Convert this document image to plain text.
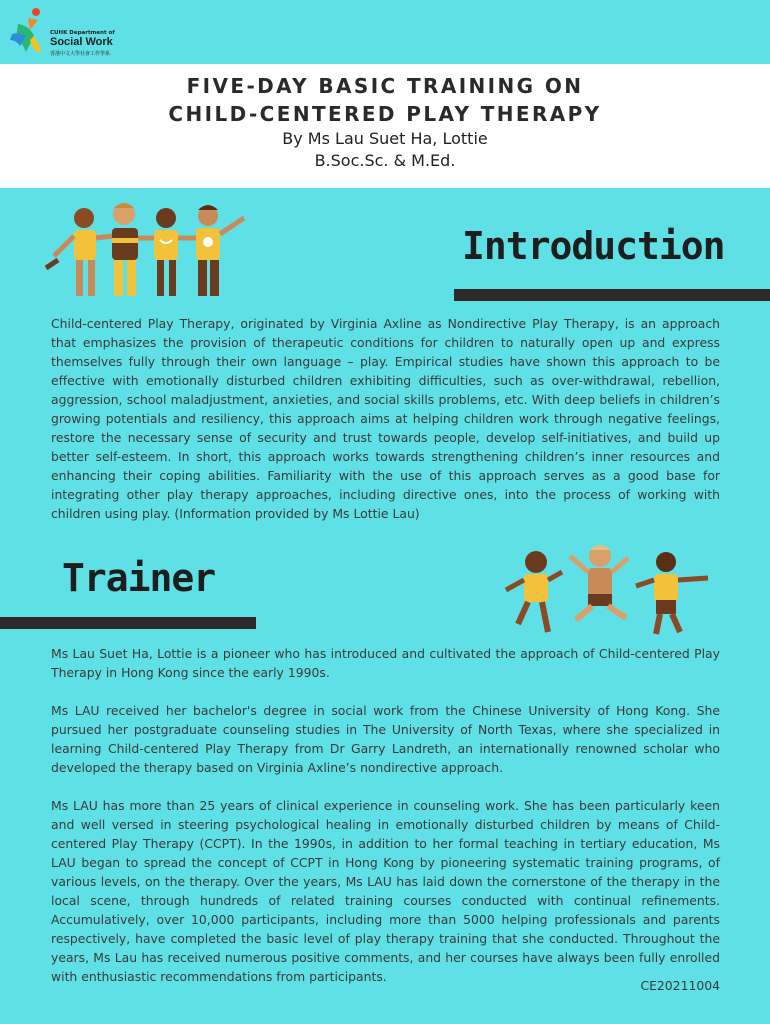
CUHK Department of
Social Work
香港中文大學社會工作學系
FIVE-DAY BASIC TRAINING ON
CHILD-CENTERED PLAY THERAPY
By Ms Lau Suet Ha, Lottie
B.Soc.Sc. & M.Ed.
Introduction

Child-centered Play Therapy, originated by Virginia Axline as Nondirective Play Therapy, is an approach that emphasizes the provision of therapeutic conditions for children to naturally open up and express themselves fully through their own language – play. Empirical studies have shown this approach to be effective with emotionally disturbed children exhibiting difficulties, such as over-withdrawal, rebellion, aggression, school maladjustment, anxieties, and social skills problems, etc. With deep beliefs in children’s growing potentials and resiliency, this approach aims at helping children work through negative feelings, restore the necessary sense of security and trust towards people, develop self-initiatives, and build up better self-esteem. In short, this approach works towards strengthening children’s inner resources and enhancing their coping abilities. Familiarity with the use of this approach serves as a good base for integrating other play therapy approaches, including directive ones, into the process of working with children using play. (Information provided by Ms Lottie Lau)

Trainer

Ms Lau Suet Ha, Lottie is a pioneer who has introduced and cultivated the approach of Child-centered Play Therapy in Hong Kong since the early 1990s.

Ms LAU received her bachelor's degree in social work from the Chinese University of Hong Kong. She pursued her postgraduate counseling studies in The University of North Texas, where she specialized in learning Child-centered Play Therapy from Dr Garry Landreth, an internationally renowned scholar who developed the therapy based on Virginia Axline’s nondirective approach.

Ms LAU has more than 25 years of clinical experience in counseling work. She has been particularly keen and well versed in steering psychological healing in emotionally disturbed children by means of Child-centered Play Therapy (CCPT). In the 1990s, in addition to her formal teaching in tertiary education, Ms LAU began to spread the concept of CCPT in Hong Kong by pioneering systematic training programs, of various levels, on the therapy. Over the years, Ms LAU has laid down the cornerstone of the therapy in the local scene, through hundreds of related training courses conducted with continual refinements. Accumulatively, over 10,000 participants, including more than 5000 helping professionals and parents respectively, have completed the basic level of play therapy training that she conducted. Throughout the years, Ms Lau has received numerous positive comments, and her courses have always been fully enrolled with enthusiastic recommendations from participants.

CE20211004
